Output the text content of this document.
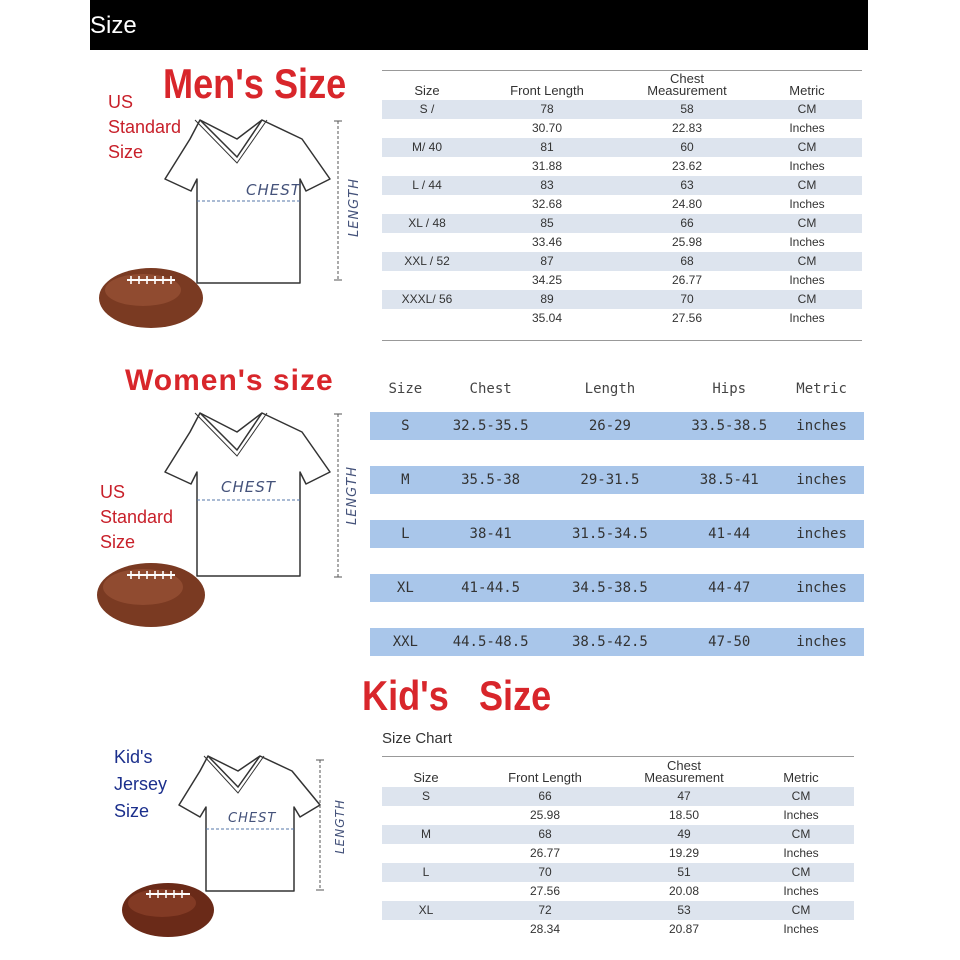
Size
Men's Size
US
Standard
Size
CHEST	LENGTH
Size	Front Length	Chest
Measurement	Metric
S /	78	58	CM
	30.70	22.83	Inches
M/ 40	81	60	CM
	31.88	23.62	Inches
L / 44	83	63	CM
	32.68	24.80	Inches
XL / 48	85	66	CM
	33.46	25.98	Inches
XXL / 52	87	68	CM
	34.25	26.77	Inches
XXXL/ 56	89	70	CM
	35.04	27.56	Inches
Women's size
US
Standard
Size
CHEST	LENGTH
Size	Chest	Length	Hips	Metric
S	32.5-35.5	26-29	33.5-38.5	inches

M	35.5-38	29-31.5	38.5-41	inches

L	38-41	31.5-34.5	41-44	inches

XL	41-44.5	34.5-38.5	44-47	inches

XXL	44.5-48.5	38.5-42.5	47-50	inches
Kid's   Size
Size Chart
Kid's
Jersey
Size	CHEST	LENGTH
Size	Front Length	Chest
Measurement	Metric
S	66	47	CM
	25.98	18.50	Inches
M	68	49	CM
	26.77	19.29	Inches
L	70	51	CM
	27.56	20.08	Inches
XL	72	53	CM
	28.34	20.87	Inches
